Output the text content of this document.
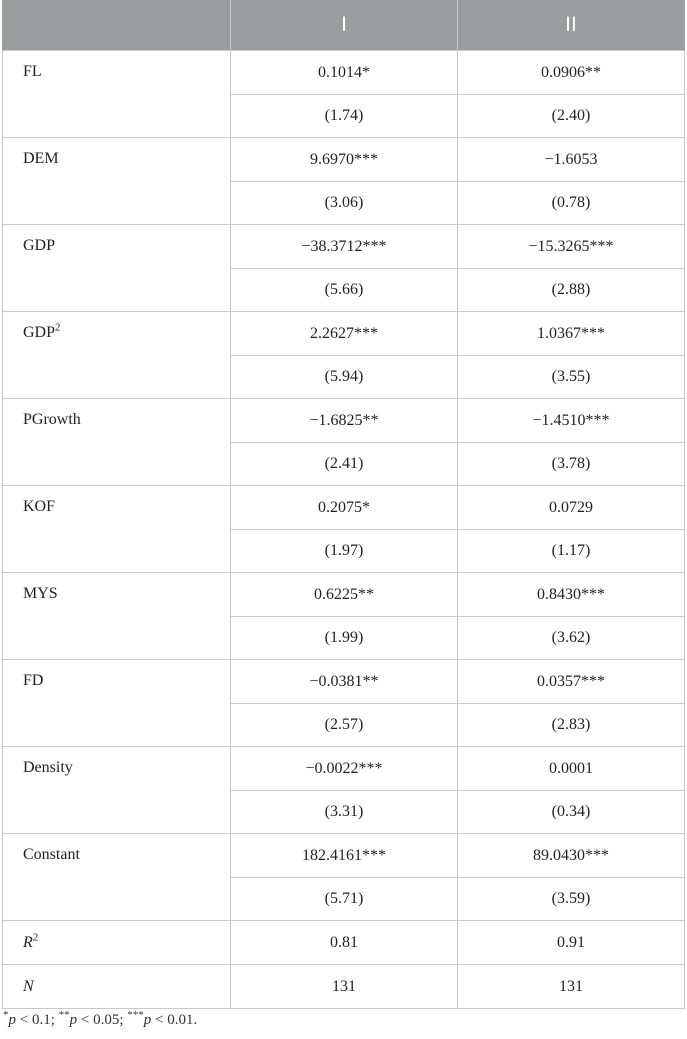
	I	II
FL	0.1014*	0.0906**
	(1.74)	(2.40)
DEM	9.6970***	−1.6053
	(3.06)	(0.78)
GDP	−38.3712***	−15.3265***
	(5.66)	(2.88)
GDP$^2$	2.2627***	1.0367***
	(5.94)	(3.55)
PGrowth	−1.6825**	−1.4510***
	(2.41)	(3.78)
KOF	0.2075*	0.0729
	(1.97)	(1.17)
MYS	0.6225**	0.8430***
	(1.99)	(3.62)
FD	−0.0381**	0.0357***
	(2.57)	(2.83)
Density	−0.0022***	0.0001
	(3.31)	(0.34)
Constant	182.4161***	89.0430***
	(5.71)	(3.59)
$R^2$	0.81	0.91
N	131	131
*p < 0.1; **p < 0.05; ***p < 0.01.
